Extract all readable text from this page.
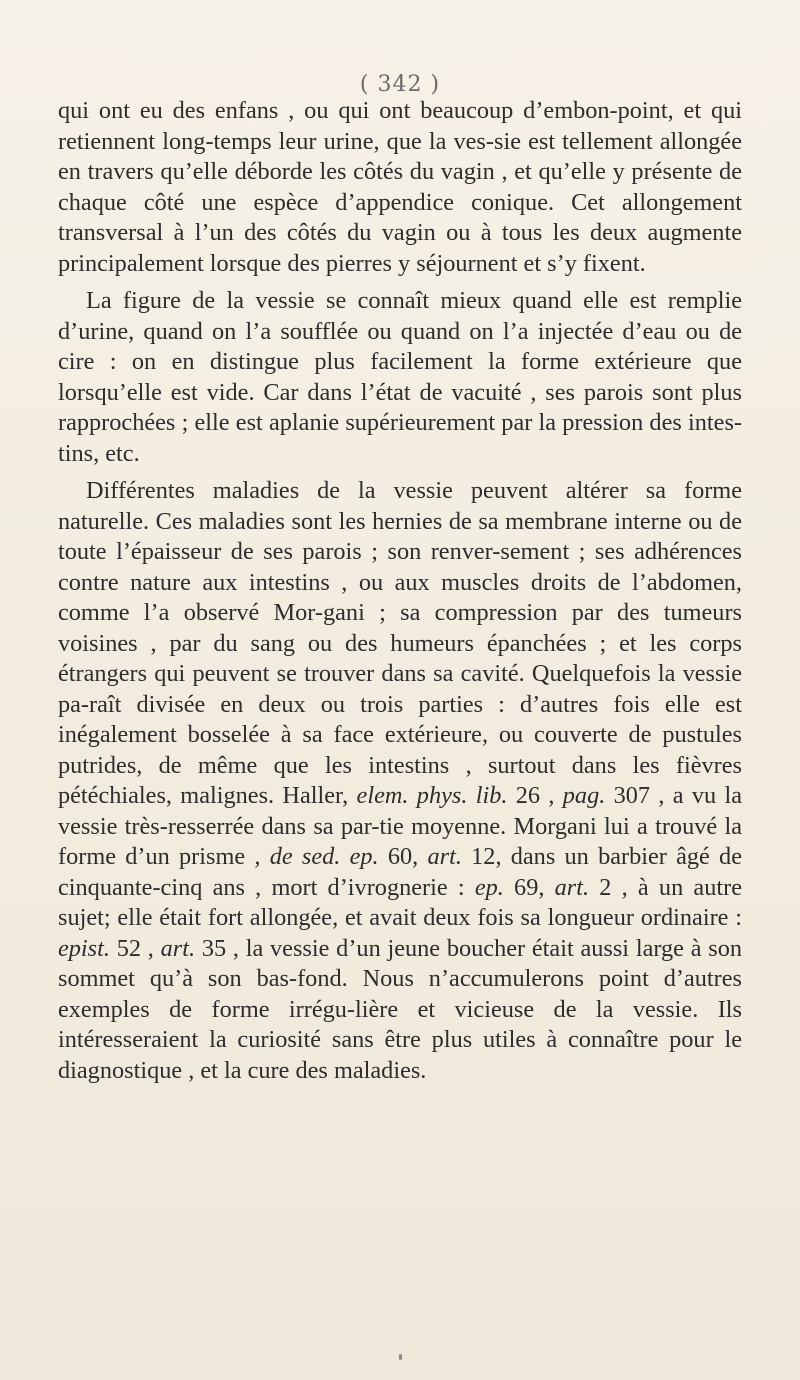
( 342 )

qui ont eu des enfans , ou qui ont beaucoup d’embon-point, et qui retiennent long-temps leur urine, que la ves-sie est tellement allongée en travers qu’elle déborde les côtés du vagin , et qu’elle y présente de chaque côté une espèce d’appendice conique. Cet allongement transversal à l’un des côtés du vagin ou à tous les deux augmente principalement lorsque des pierres y séjournent et s’y fixent.

La figure de la vessie se connaît mieux quand elle est remplie d’urine, quand on l’a soufflée ou quand on l’a injectée d’eau ou de cire : on en distingue plus facilement la forme extérieure que lorsqu’elle est vide. Car dans l’état de vacuité , ses parois sont plus rapprochées ; elle est aplanie supérieurement par la pression des intes-tins, etc.

Différentes maladies de la vessie peuvent altérer sa forme naturelle. Ces maladies sont les hernies de sa membrane interne ou de toute l’épaisseur de ses parois ; son renver-sement ; ses adhérences contre nature aux intestins , ou aux muscles droits de l’abdomen, comme l’a observé Mor-gani ; sa compression par des tumeurs voisines , par du sang ou des humeurs épanchées ; et les corps étrangers qui peuvent se trouver dans sa cavité. Quelquefois la vessie pa-raît divisée en deux ou trois parties : d’autres fois elle est inégalement bosselée à sa face extérieure, ou couverte de pustules putrides, de même que les intestins , surtout dans les fièvres pétéchiales, malignes. Haller, elem. phys. lib. 26 , pag. 307 , a vu la vessie très-resserrée dans sa par-tie moyenne. Morgani lui a trouvé la forme d’un prisme , de sed. ep. 60, art. 12, dans un barbier âgé de cinquante-cinq ans , mort d’ivrognerie : ep. 69, art. 2 , à un autre sujet; elle était fort allongée, et avait deux fois sa longueur ordinaire : epist. 52 , art. 35 , la vessie d’un jeune boucher était aussi large à son sommet qu’à son bas-fond. Nous n’accumulerons point d’autres exemples de forme irrégu-lière et vicieuse de la vessie. Ils intéresseraient la curiosité sans être plus utiles à connaître pour le diagnostique , et la cure des maladies.
